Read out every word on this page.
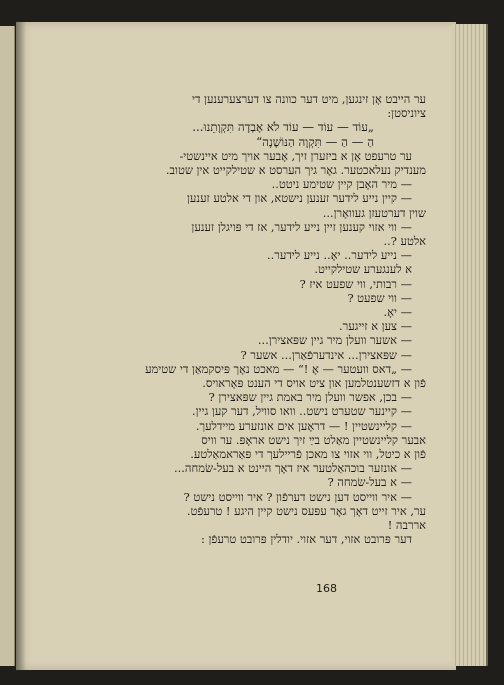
ער הייבט אָן זינגען, מיט דער כוונה צו דערצערענען די
ציוניסטן:
„עוֹד — עוֹד — עוֹד לֹא אָבְדָה תִּקְוָתֵנוּ...
הַ — הַ — תִּקְוָה הַנּוֹשָׁנָה“
ער טרעפט אָן א ביזערן זיך, אָבער אויך מיט איינשטי-
מענדיק נעלאכטער. גאָר גיך הערסט א שטילקייט אין שטוב.
— מיר האָבן קיין שטימע ניטט..
— קיין נייע לידער זענען נישטא, און די אלטע זענען
שוין דערטעזן געוואָרן...
— ווי אזוי קענען זיין נייע לידער, אז די פּויגלן זענען
אלטע ?..
— נייע לידער.. יאָ.. נייע לידער..
א לענגערע שטילקייט.
— רבותי, ווי שפעט איז ?
— ווי שפעט ?
— יאָ.
— צען א זייגער.
— אשער וועלן מיר גיין שפּאצירן...
— שפּאצירן... אינדערפֿאַרן... אשער ?
— „דאס וועטער — אָ !“ — מאכט נאָך פּיסקמאַן די שטימע
פֿון א דזשענטלמען און ציט אויס די הענט פּאָראויס.
— בכן, אפשר וועלן מיר באמת גיין שפּאצירן ?
— קיינער שטערט נישט.. וואו סוויל, דער קען גיין.
— קליינשטיין ! — דראָען אים אונזערע מיידלעך.
אבער קליינשטיין מאַלט בײַ זיך נישט אראָפּ. ער וויס
פֿון א כיטל, ווי אזוי צו מאכן פֿריילעך די פּאַראמאַלטע.
— אונזער בוכהאַלטער איז דאָך היינט א בעל-שׂמחה...
— א בעל-שׂמחה ?
— איר ווייסט דען נישט דערפֿון ? איר ווייסט נישט ?
ער, איר זייט דאָך גאָר עפּעס נישט קיין היגע ! טרעפֿט.
אררבה !
דער פּרובט אזוי, דער אזוי. יודלין פּרובט טרעפֿן :
168
